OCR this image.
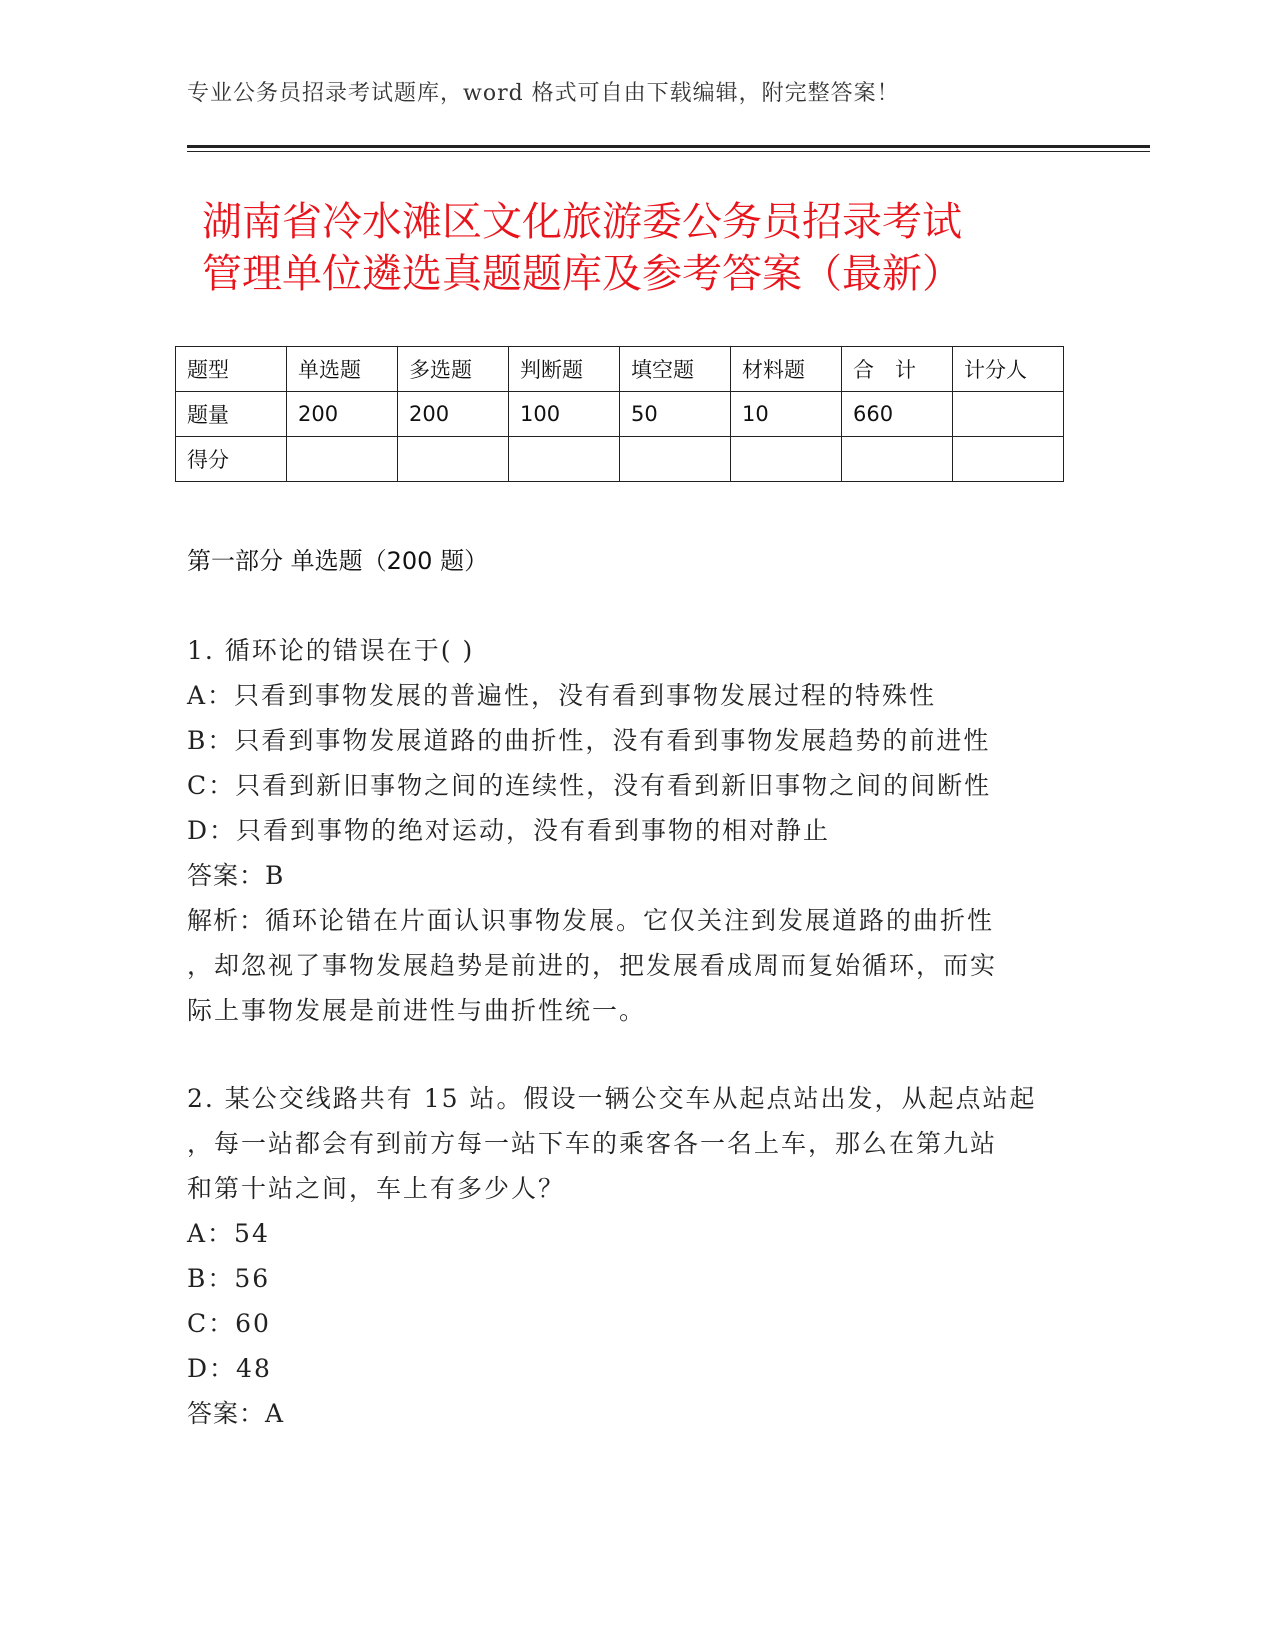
专业公务员招录考试题库，word 格式可自由下载编辑，附完整答案！
湖南省冷水滩区文化旅游委公务员招录考试
管理单位遴选真题题库及参考答案（最新）
题型	单选题	多选题	判断题	填空题	材料题	合　计	计分人
题量	200	200	100	50	10	660	
得分							
第一部分 单选题（200 题）
1. 循环论的错误在于( )
A：只看到事物发展的普遍性，没有看到事物发展过程的特殊性
B：只看到事物发展道路的曲折性，没有看到事物发展趋势的前进性
C：只看到新旧事物之间的连续性，没有看到新旧事物之间的间断性
D：只看到事物的绝对运动，没有看到事物的相对静止
答案：B
解析：循环论错在片面认识事物发展。它仅关注到发展道路的曲折性
，却忽视了事物发展趋势是前进的，把发展看成周而复始循环，而实
际上事物发展是前进性与曲折性统一。
2. 某公交线路共有 15 站。假设一辆公交车从起点站出发，从起点站起
，每一站都会有到前方每一站下车的乘客各一名上车，那么在第九站
和第十站之间，车上有多少人？
A：54
B：56
C：60
D：48
答案：A
